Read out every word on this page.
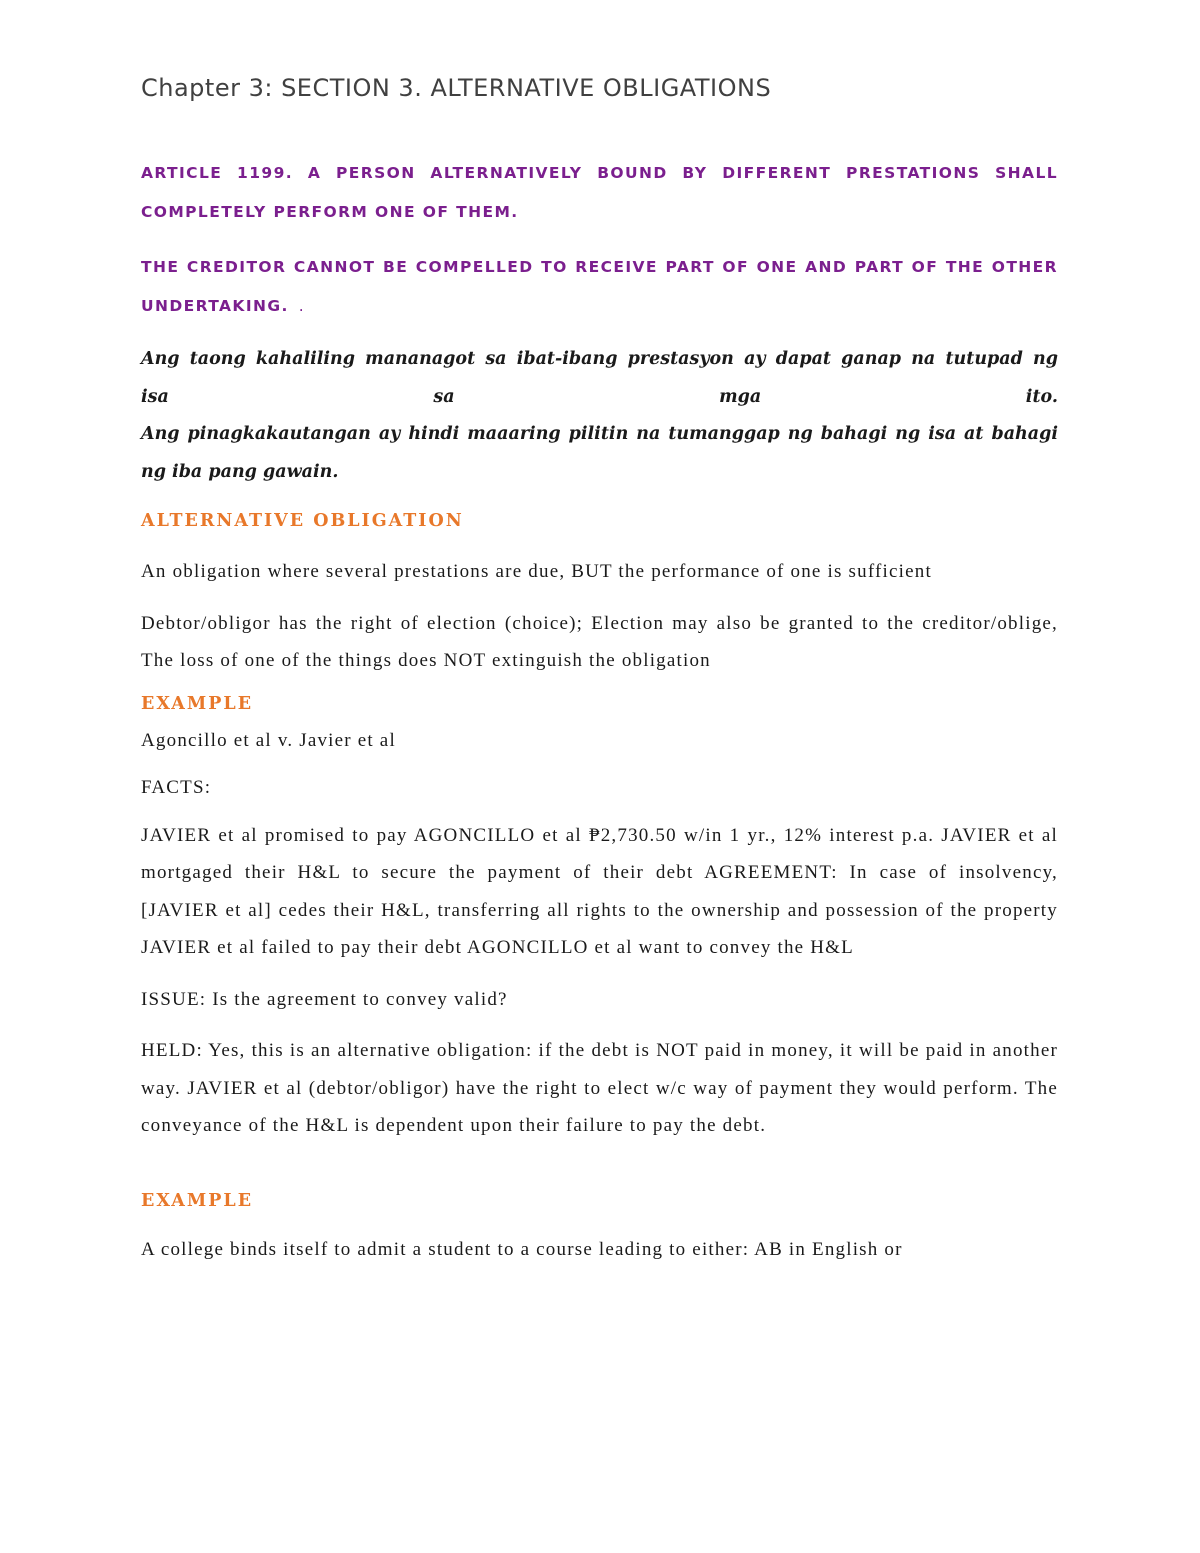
Chapter 3: SECTION 3. ALTERNATIVE OBLIGATIONS

ARTICLE 1199. A PERSON ALTERNATIVELY BOUND BY DIFFERENT PRESTATIONS SHALL COMPLETELY PERFORM ONE OF THEM.

THE CREDITOR CANNOT BE COMPELLED TO RECEIVE PART OF ONE AND PART OF THE OTHER UNDERTAKING. .

Ang taong kahaliling mananagot sa ibat-ibang prestasyon ay dapat ganap na tutupad ng
isa sa mga ito.
Ang pinagkakautangan ay hindi maaaring pilitin na tumanggap ng bahagi ng isa at bahagi ng iba pang gawain.
ALTERNATIVE OBLIGATION

An obligation where several prestations are due, BUT the performance of one is sufficient

Debtor/obligor has the right of election (choice); Election may also be granted to the creditor/oblige, The loss of one of the things does NOT extinguish the obligation

EXAMPLE

Agoncillo et al v. Javier et al

FACTS:

JAVIER et al promised to pay AGONCILLO et al ₱2,730.50 w/in 1 yr., 12% interest p.a. JAVIER et al mortgaged their H&L to secure the payment of their debt AGREEMENT: In case of insolvency, [JAVIER et al] cedes their H&L, transferring all rights to the ownership and possession of the property JAVIER et al failed to pay their debt AGONCILLO et al want to convey the H&L

ISSUE: Is the agreement to convey valid?

HELD: Yes, this is an alternative obligation: if the debt is NOT paid in money, it will be paid in another way. JAVIER et al (debtor/obligor) have the right to elect w/c way of payment they would perform. The conveyance of the H&L is dependent upon their failure to pay the debt.

EXAMPLE

A college binds itself to admit a student to a course leading to either: AB in English or
